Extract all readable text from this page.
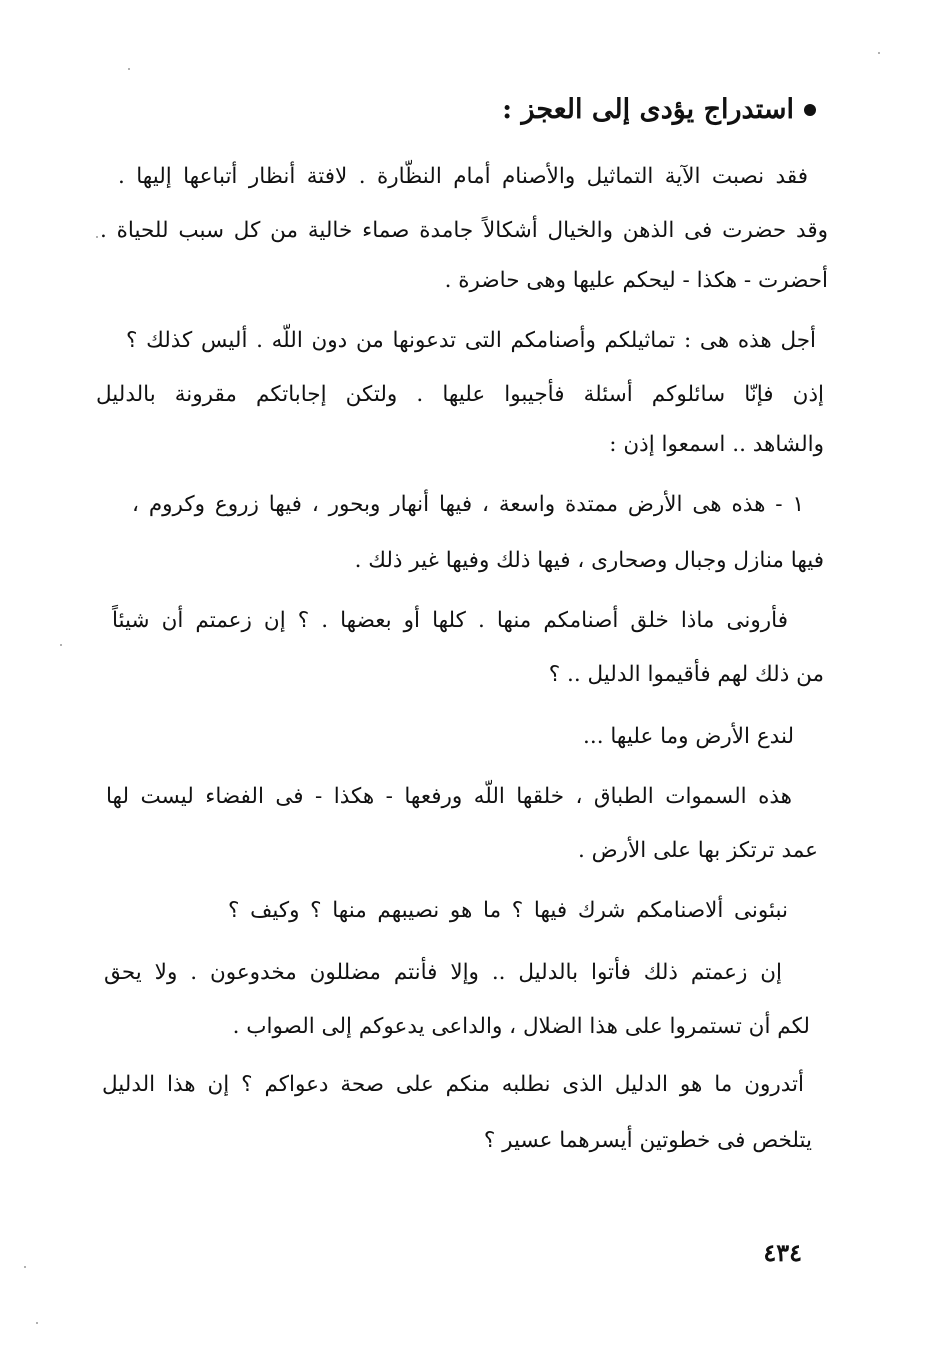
استدراج يؤدى إلى العجز :
فقد نصبت الآية التماثيل والأصنام أمام النظّارة . لافتة أنظار أتباعها إليها .
وقد حضرت فى الذهن والخيال أشكالاً جامدة صماء خالية من كل سبب للحياة .
أحضرت - هكذا - ليحكم عليها وهى حاضرة .
أجل هذه هى : تماثيلكم وأصنامكم التى تدعونها من دون اللّه . أليس كذلك ؟
إذن فإنّا سائلوكم أسئلة فأجيبوا عليها . ولتكن إجاباتكم مقرونة بالدليل
والشاهد .. اسمعوا إذن :
١ - هذه هى الأرض ممتدة واسعة ، فيها أنهار وبحور ، فيها زروع وكروم ،
فيها منازل وجبال وصحارى ، فيها ذلك وفيها غير ذلك .
فأرونى ماذا خلق أصنامكم منها . كلها أو بعضها . ؟ إن زعمتم أن شيئاً
من ذلك لهم فأقيموا الدليل .. ؟
لندع الأرض وما عليها ...
هذه السموات الطباق ، خلقها اللّه ورفعها - هكذا - فى الفضاء ليست لها
عمد ترتكز بها على الأرض .
نبئونى ألاصنامكم شرك فيها ؟ ما هو نصيبهم منها ؟ وكيف ؟
إن زعمتم ذلك فأتوا بالدليل .. وإلا فأنتم مضللون مخدوعون . ولا يحق
لكم أن تستمروا على هذا الضلال ، والداعى يدعوكم إلى الصواب .
أتدرون ما هو الدليل الذى نطلبه منكم على صحة دعواكم ؟ إن هذا الدليل
يتلخص فى خطوتين أيسرهما عسير ؟
٤٣٤
